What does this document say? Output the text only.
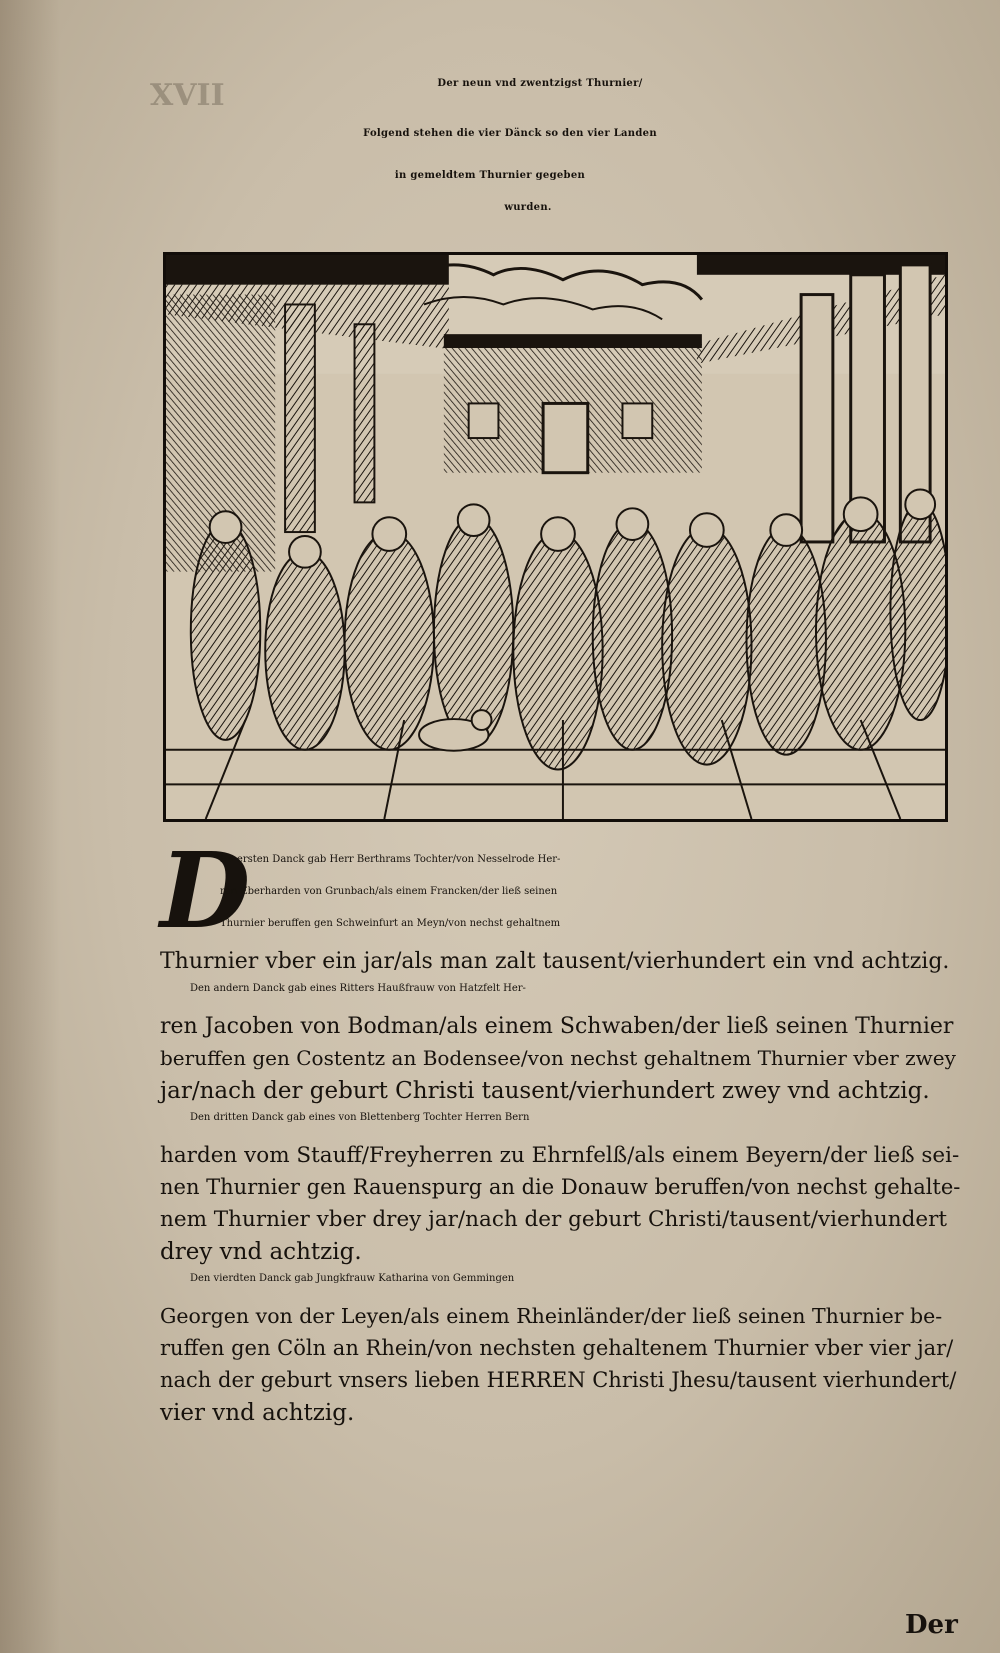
XVII	Der neun vnd zwentzigst Thurnier/
Folgend stehen die vier Dänck so den vier Landen
in gemeldtem Thurnier gegeben
wurden.
D
En ersten Danck gab Herr Berthrams Tochter/von Nesselrode Her-
ren Eberharden von Grunbach/als einem Francken/der ließ seinen
Thurnier beruffen gen Schweinfurt an Meyn/von nechst gehaltnem
Thurnier vber ein jar/als man zalt tausent/vierhundert ein vnd achtzig.
Den andern Danck gab eines Ritters Haußfrauw von Hatzfelt Her-
ren Jacoben von Bodman/als einem Schwaben/der ließ seinen Thurnier
beruffen gen Costentz an Bodensee/von nechst gehaltnem Thurnier vber zwey
jar/nach der geburt Christi tausent/vierhundert zwey vnd achtzig.
Den dritten Danck gab eines von Blettenberg Tochter Herren Bern
harden vom Stauff/Freyherren zu Ehrnfelß/als einem Beyern/der ließ sei-
nen Thurnier gen Rauenspurg an die Donauw beruffen/von nechst gehalte-
nem Thurnier vber drey jar/nach der geburt Christi/tausent/vierhundert
drey vnd achtzig.
Den vierdten Danck gab Jungkfrauw Katharina von Gemmingen
Georgen von der Leyen/als einem Rheinländer/der ließ seinen Thurnier be-
ruffen gen Cöln an Rhein/von nechsten gehaltenem Thurnier vber vier jar/
nach der geburt vnsers lieben HERREN Christi Jhesu/tausent vierhundert/
vier vnd achtzig.
Der
